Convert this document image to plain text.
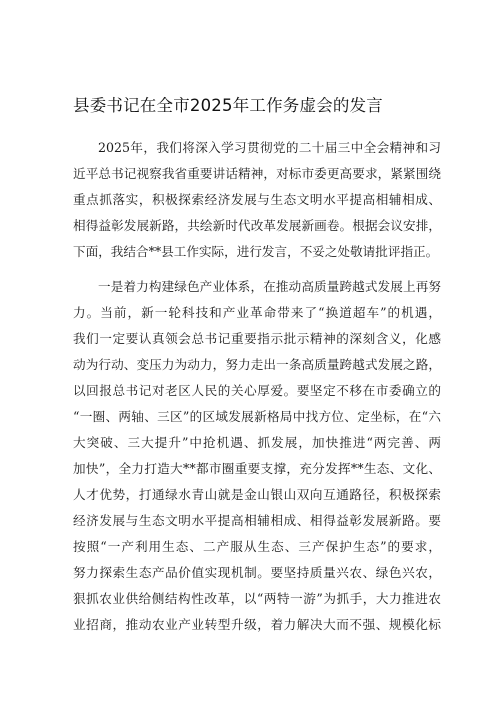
县委书记在全市2025年工作务虚会的发言

2025年，我们将深入学习贯彻党的二十届三中全会精神和习
近平总书记视察我省重要讲话精神，对标市委更高要求，紧紧围绕
重点抓落实，积极探索经济发展与生态文明水平提高相辅相成、
相得益彰发展新路，共绘新时代改革发展新画卷。根据会议安排，
下面，我结合**县工作实际，进行发言，不妥之处敬请批评指正。

一是着力构建绿色产业体系，在推动高质量跨越式发展上再努
力。当前，新一轮科技和产业革命带来了“换道超车”的机遇，
我们一定要认真领会总书记重要指示批示精神的深刻含义，化感
动为行动、变压力为动力，努力走出一条高质量跨越式发展之路，
以回报总书记对老区人民的关心厚爱。要坚定不移在市委确立的
“一圈、两轴、三区”的区域发展新格局中找方位、定坐标，在“六
大突破、三大提升”中抢机遇、抓发展，加快推进“两完善、两
加快”，全力打造大**都市圈重要支撑，充分发挥**生态、文化、
人才优势，打通绿水青山就是金山银山双向互通路径，积极探索
经济发展与生态文明水平提高相辅相成、相得益彰发展新路。要
按照“一产利用生态、二产服从生态、三产保护生态”的要求，
努力探索生态产品价值实现机制。要坚持质量兴农、绿色兴农，
狠抓农业供给侧结构性改革，以“两特一游”为抓手，大力推进农
业招商，推动农业产业转型升级，着力解决大而不强、规模化标
